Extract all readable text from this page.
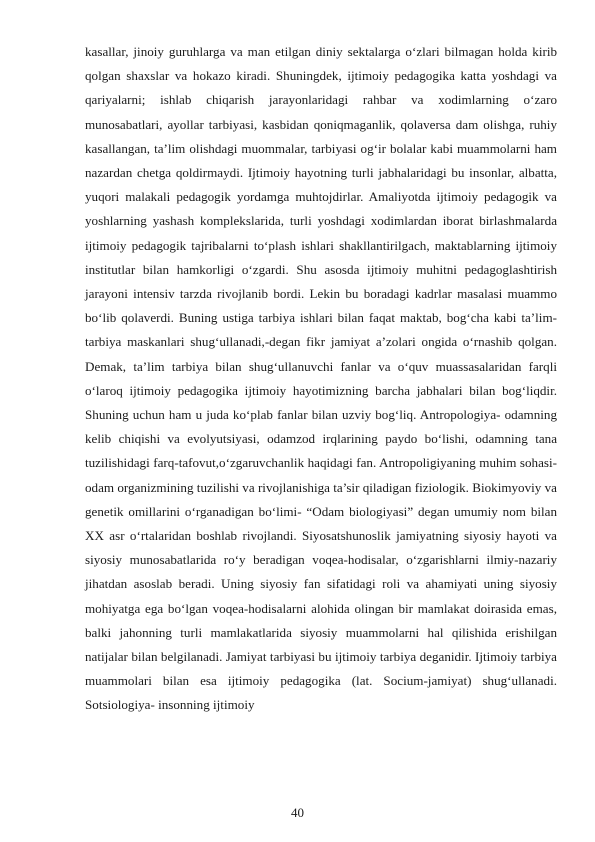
kasallar, jinoiy guruhlarga va man etilgan diniy sektalarga o‘zlari bilmagan holda kirib qolgan shaxslar va hokazo kiradi. Shuningdek, ijtimoiy pedagogika katta yoshdagi va qariyalarni; ishlab chiqarish jarayonlaridagi rahbar va xodimlarning o‘zaro munosabatlari, ayollar tarbiyasi, kasbidan qoniqmaganlik, qolaversa dam olishga, ruhiy kasallangan, ta’lim olishdagi muommalar, tarbiyasi og‘ir bolalar kabi muammolarni ham nazardan chetga qoldirmaydi. Ijtimoiy hayotning turli jabhalaridagi bu insonlar, albatta, yuqori malakali pedagogik yordamga muhtojdirlar. Amaliyotda ijtimoiy pedagogik va yoshlarning yashash komplekslarida, turli yoshdagi xodimlardan iborat birlashmalarda ijtimoiy pedagogik tajribalarni to‘plash ishlari shakllantirilgach, maktablarning ijtimoiy institutlar bilan hamkorligi o‘zgardi. Shu asosda ijtimoiy muhitni pedagoglashtirish jarayoni intensiv tarzda rivojlanib bordi. Lekin bu boradagi kadrlar masalasi muammo bo‘lib qolaverdi. Buning ustiga tarbiya ishlari bilan faqat maktab, bog‘cha kabi ta’lim-tarbiya maskanlari shug‘ullanadi,-degan fikr jamiyat a’zolari ongida o‘rnashib qolgan. Demak, ta’lim tarbiya bilan shug‘ullanuvchi fanlar va o‘quv muassasalaridan farqli o‘laroq ijtimoiy pedagogika ijtimoiy hayotimizning barcha jabhalari bilan bog‘liqdir. Shuning uchun ham u juda ko‘plab fanlar bilan uzviy bog‘liq. Antropologiya- odamning kelib chiqishi va evolyutsiyasi, odamzod irqlarining paydo bo‘lishi, odamning tana tuzilishidagi farq-tafovut,o‘zgaruvchanlik haqidagi fan. Antropoligiyaning muhim sohasi- odam organizmining tuzilishi va rivojlanishiga ta’sir qiladigan fiziologik. Biokimyoviy va genetik omillarini o‘rganadigan bo‘limi- “Odam biologiyasi” degan umumiy nom bilan XX asr o‘rtalaridan boshlab rivojlandi. Siyosatshunoslik jamiyatning siyosiy hayoti va siyosiy munosabatlarida ro‘y beradigan voqea-hodisalar, o‘zgarishlarni ilmiy-nazariy jihatdan asoslab beradi. Uning siyosiy fan sifatidagi roli va ahamiyati uning siyosiy mohiyatga ega bo‘lgan voqea-hodisalarni alohida olingan bir mamlakat doirasida emas, balki jahonning turli mamlakatlarida siyosiy muammolarni hal qilishida erishilgan natijalar bilan belgilanadi. Jamiyat tarbiyasi bu ijtimoiy tarbiya deganidir. Ijtimoiy tarbiya muammolari bilan esa ijtimoiy pedagogika (lat. Socium-jamiyat) shug‘ullanadi. Sotsiologiya- insonning ijtimoiy

40
